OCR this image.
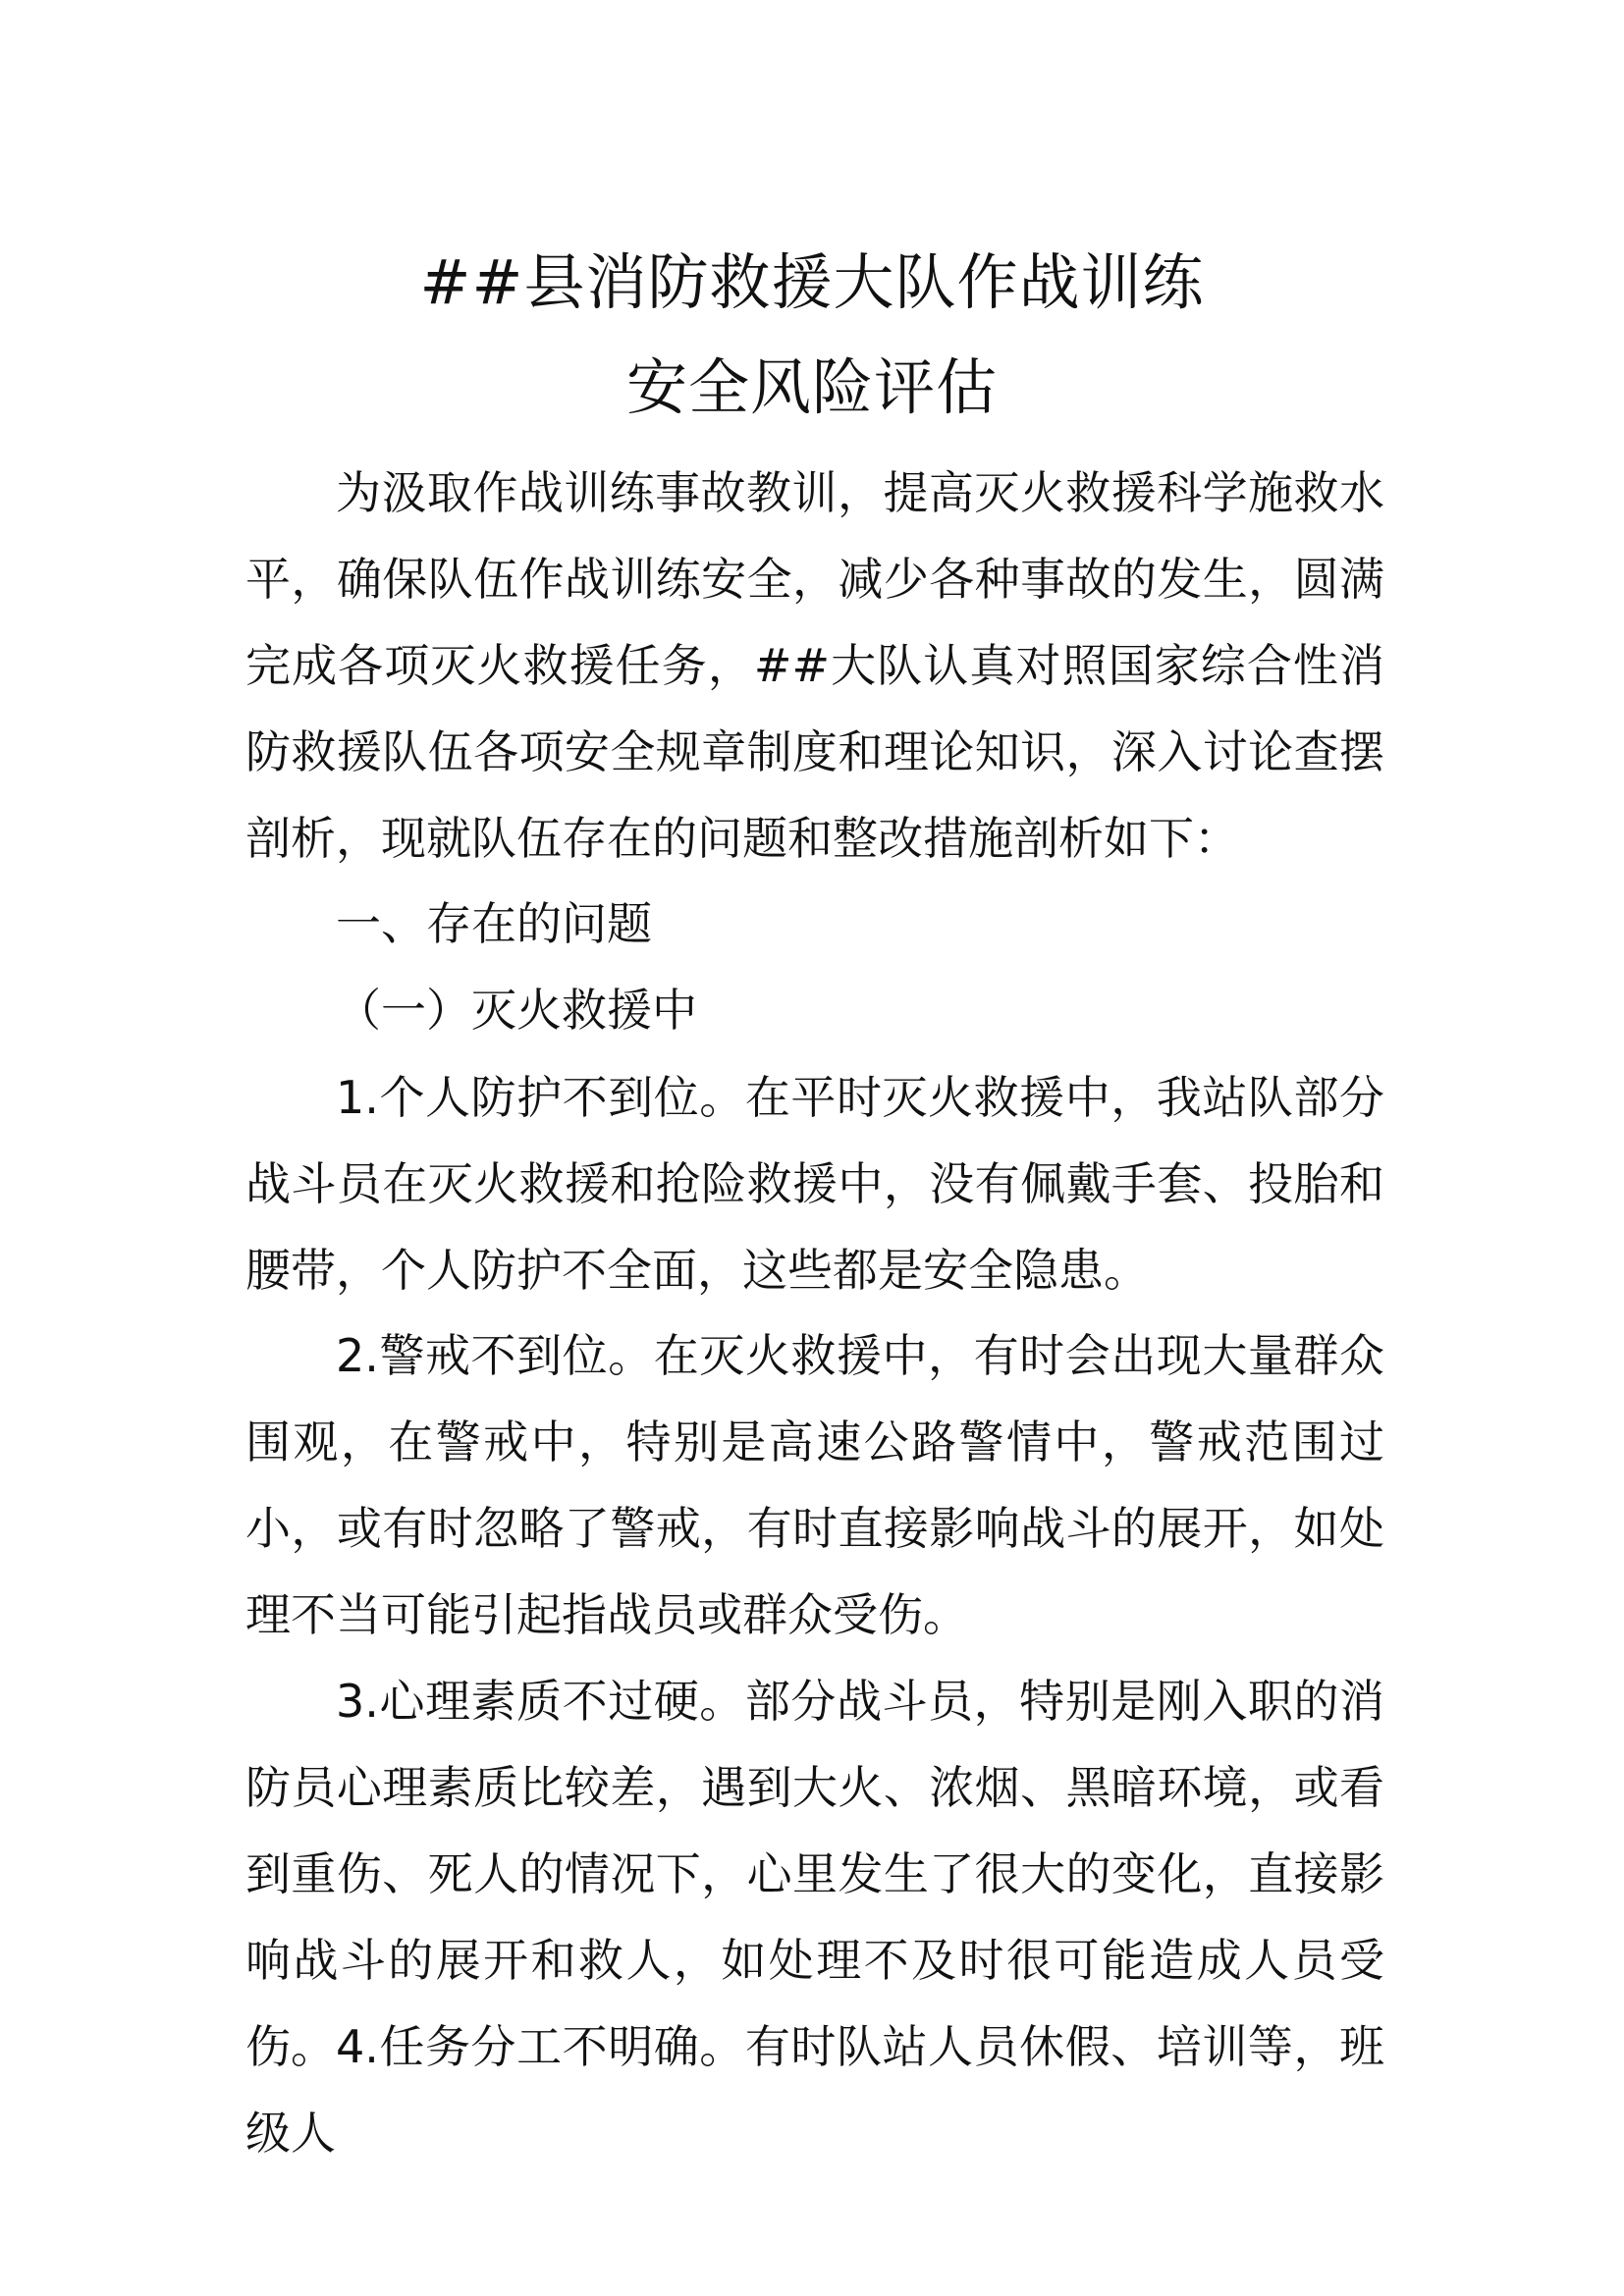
##县消防救援大队作战训练
安全风险评估

为汲取作战训练事故教训，提高灭火救援科学施救水平，确保队伍作战训练安全，减少各种事故的发生，圆满完成各项灭火救援任务，##大队认真对照国家综合性消防救援队伍各项安全规章制度和理论知识，深入讨论查摆剖析，现就队伍存在的问题和整改措施剖析如下：

一、存在的问题
（一）灭火救援中

1.个人防护不到位。在平时灭火救援中，我站队部分战斗员在灭火救援和抢险救援中，没有佩戴手套、投胎和腰带，个人防护不全面，这些都是安全隐患。

2.警戒不到位。在灭火救援中，有时会出现大量群众围观，在警戒中，特别是高速公路警情中，警戒范围过小，或有时忽略了警戒，有时直接影响战斗的展开，如处理不当可能引起指战员或群众受伤。

3.心理素质不过硬。部分战斗员，特别是刚入职的消防员心理素质比较差，遇到大火、浓烟、黑暗环境，或看到重伤、死人的情况下，心里发生了很大的变化，直接影响战斗的展开和救人，如处理不及时很可能造成人员受伤。 4.任务分工不明确。有时队站人员休假、培训等，班级人
